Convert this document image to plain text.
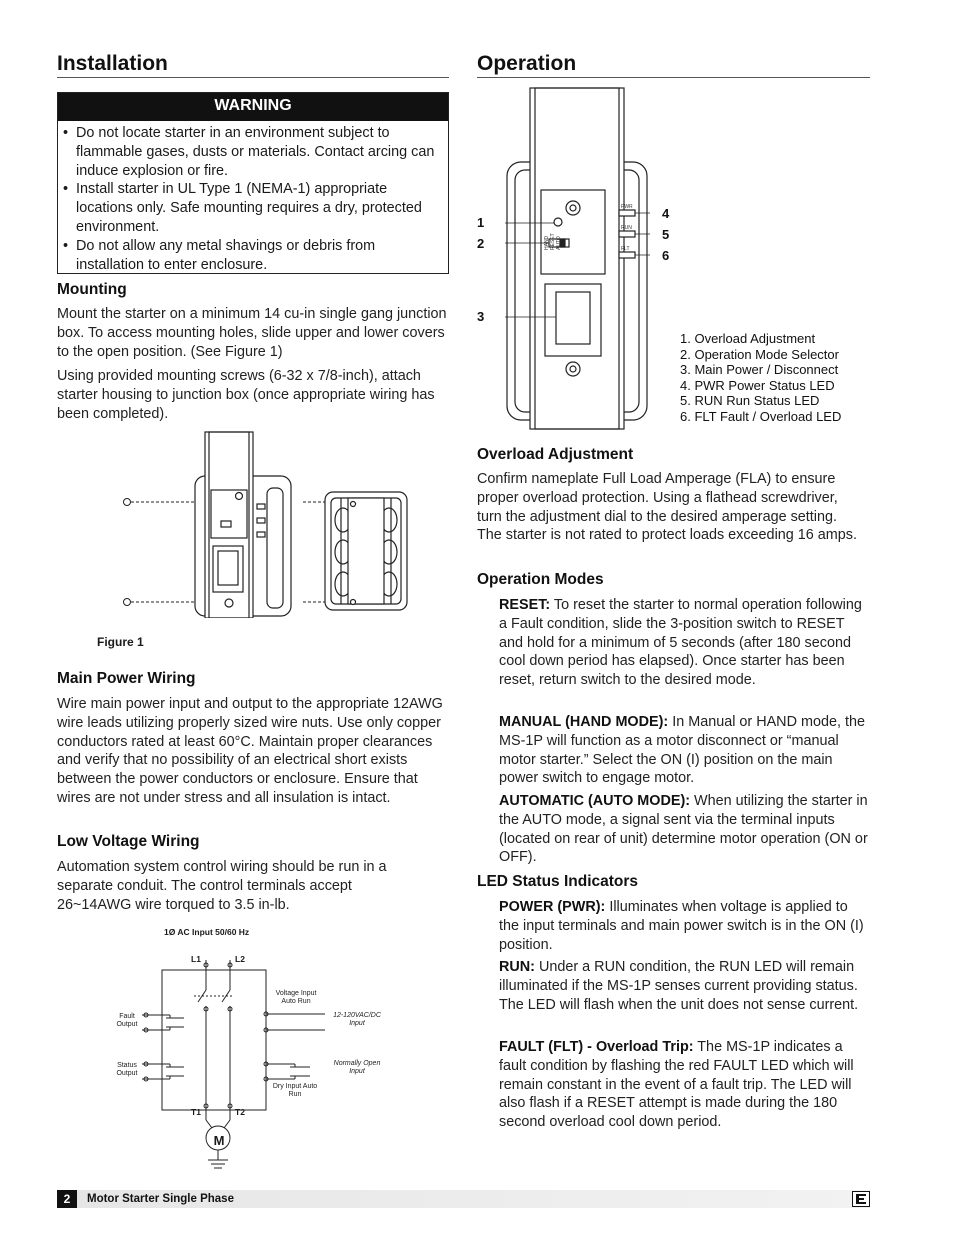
Installation
WARNING
• Do not locate starter in an environment subject to flammable gases, dusts or materials. Contact arcing can induce explosion or fire.
• Install starter in UL Type 1 (NEMA-1) appropriate locations only. Safe mounting requires a dry, protected environment.
• Do not allow any metal shavings or debris from installation to enter enclosure.
Mounting
Mount the starter on a minimum 14 cu-in single gang junction box. To access mounting holes, slide upper and lower covers to the open position. (See Figure 1)
Using provided mounting screws (6-32 x 7/8-inch), attach starter housing to junction box (once appropriate wiring has been completed).
Figure 1
Main Power Wiring
Wire main power input and output to the appropriate 12AWG wire leads utilizing properly sized wire nuts. Use only copper conductors rated at least 60°C. Maintain proper clearances and verify that no possibility of an electrical short exists between the power conductors or enclosure. Ensure that wires are not under stress and all insulation is intact.
Low Voltage Wiring
Automation system control wiring should be run in a separate conduit. The control terminals accept 26~14AWG wire torqued to 3.5 in-lb.
1Ø AC Input 50/60 Hz
L1	L2
T1	T2
M
Fault Output
Status Output
Voltage Input Auto Run
Dry Input Auto Run
12-120VAC/DC Input
Normally Open Input
Operation
PWR
RUN
FLT
HAND RESET AUTO
1
2
3
4
5
6
1. Overload Adjustment
2. Operation Mode Selector
3. Main Power / Disconnect
4. PWR Power Status LED
5. RUN Run Status LED
6. FLT Fault / Overload LED
Overload Adjustment
Confirm nameplate Full Load Amperage (FLA) to ensure proper overload protection. Using a flathead screwdriver, turn the adjustment dial to the desired amperage setting. The starter is not rated to protect loads exceeding 16 amps.
Operation Modes
RESET: To reset the starter to normal operation following a Fault condition, slide the 3-position switch to RESET and hold for a minimum of 5 seconds (after 180 second cool down period has elapsed). Once starter has been reset, return switch to the desired mode.
MANUAL (HAND MODE): In Manual or HAND mode, the MS-1P will function as a motor disconnect or “manual motor starter.” Select the ON (I) position on the main power switch to engage motor.
AUTOMATIC (AUTO MODE): When utilizing the starter in the AUTO mode, a signal sent via the terminal inputs (located on rear of unit) determine motor operation (ON or OFF).
LED Status Indicators
POWER (PWR): Illuminates when voltage is applied to the input terminals and main power switch is in the ON (I) position.
RUN: Under a RUN condition, the RUN LED will remain illuminated if the MS-1P senses current providing status. The LED will flash when the unit does not sense current.
FAULT (FLT) - Overload Trip: The MS-1P indicates a fault condition by flashing the red FAULT LED which will remain constant in the event of a fault trip. The LED will also flash if a RESET attempt is made during the 180 second overload cool down period.
2	Motor Starter Single Phase
